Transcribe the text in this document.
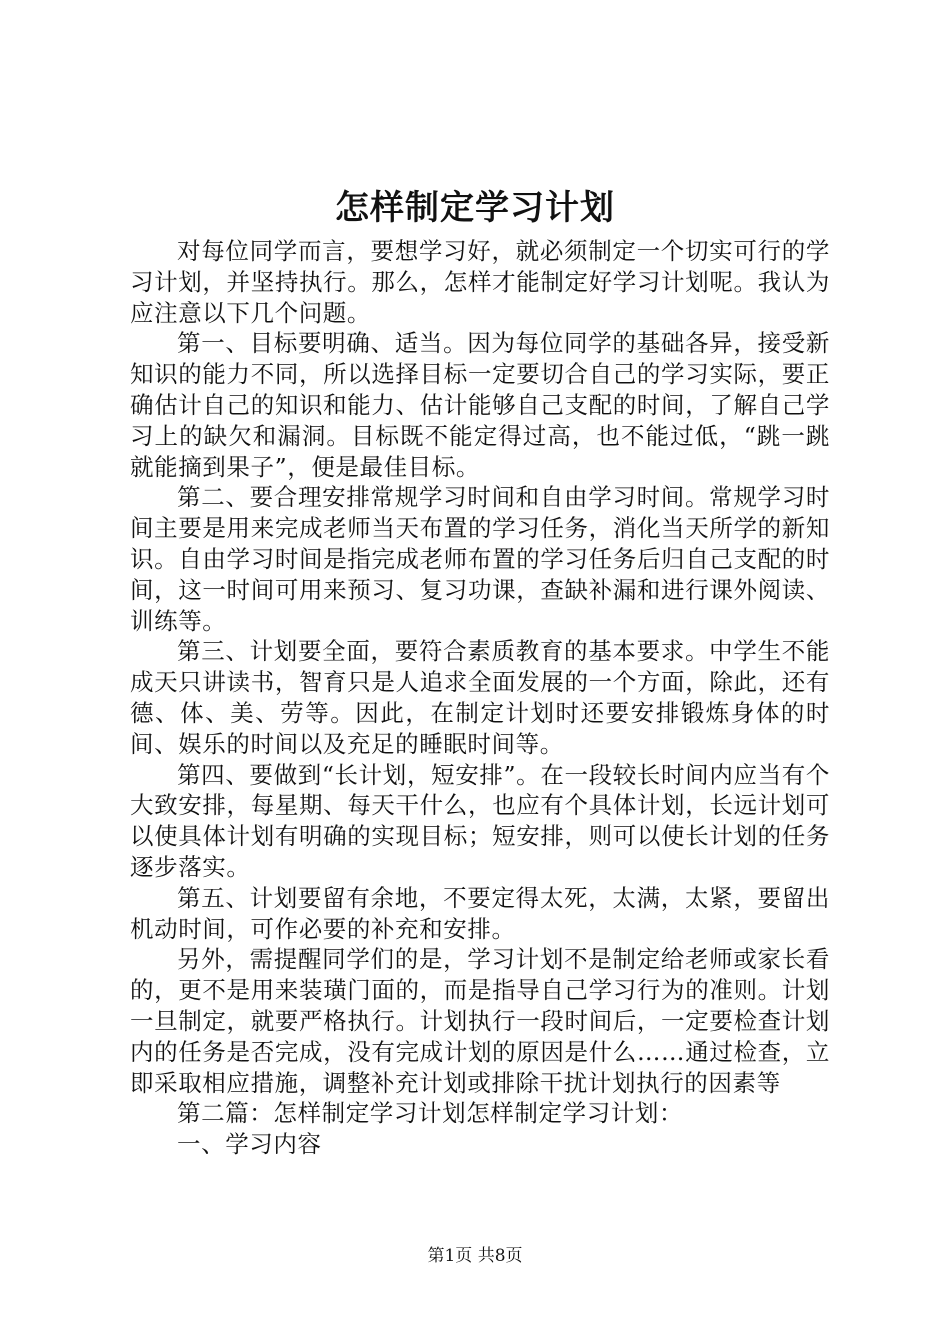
怎样制定学习计划

对每位同学而言，要想学习好，就必须制定一个切实可行的学习计划，并坚持执行。那么，怎样才能制定好学习计划呢。我认为应注意以下几个问题。

第一、目标要明确、适当。因为每位同学的基础各异，接受新知识的能力不同，所以选择目标一定要切合自己的学习实际，要正确估计自己的知识和能力、估计能够自己支配的时间，了解自己学习上的缺欠和漏洞。目标既不能定得过高，也不能过低，“跳一跳就能摘到果子”，便是最佳目标。

第二、要合理安排常规学习时间和自由学习时间。常规学习时间主要是用来完成老师当天布置的学习任务，消化当天所学的新知识。自由学习时间是指完成老师布置的学习任务后归自己支配的时间，这一时间可用来预习、复习功课，查缺补漏和进行课外阅读、训练等。

第三、计划要全面，要符合素质教育的基本要求。中学生不能成天只讲读书，智育只是人追求全面发展的一个方面，除此，还有德、体、美、劳等。因此，在制定计划时还要安排锻炼身体的时间、娱乐的时间以及充足的睡眠时间等。

第四、要做到“长计划，短安排”。在一段较长时间内应当有个大致安排，每星期、每天干什么，也应有个具体计划，长远计划可以使具体计划有明确的实现目标；短安排，则可以使长计划的任务逐步落实。

第五、计划要留有余地，不要定得太死，太满，太紧，要留出机动时间，可作必要的补充和安排。

另外，需提醒同学们的是，学习计划不是制定给老师或家长看的，更不是用来装璜门面的，而是指导自己学习行为的准则。计划一旦制定，就要严格执行。计划执行一段时间后，一定要检查计划内的任务是否完成，没有完成计划的原因是什么……通过检查，立即采取相应措施，调整补充计划或排除干扰计划执行的因素等

第二篇：怎样制定学习计划怎样制定学习计划：

一、学习内容

第1页 共8页
